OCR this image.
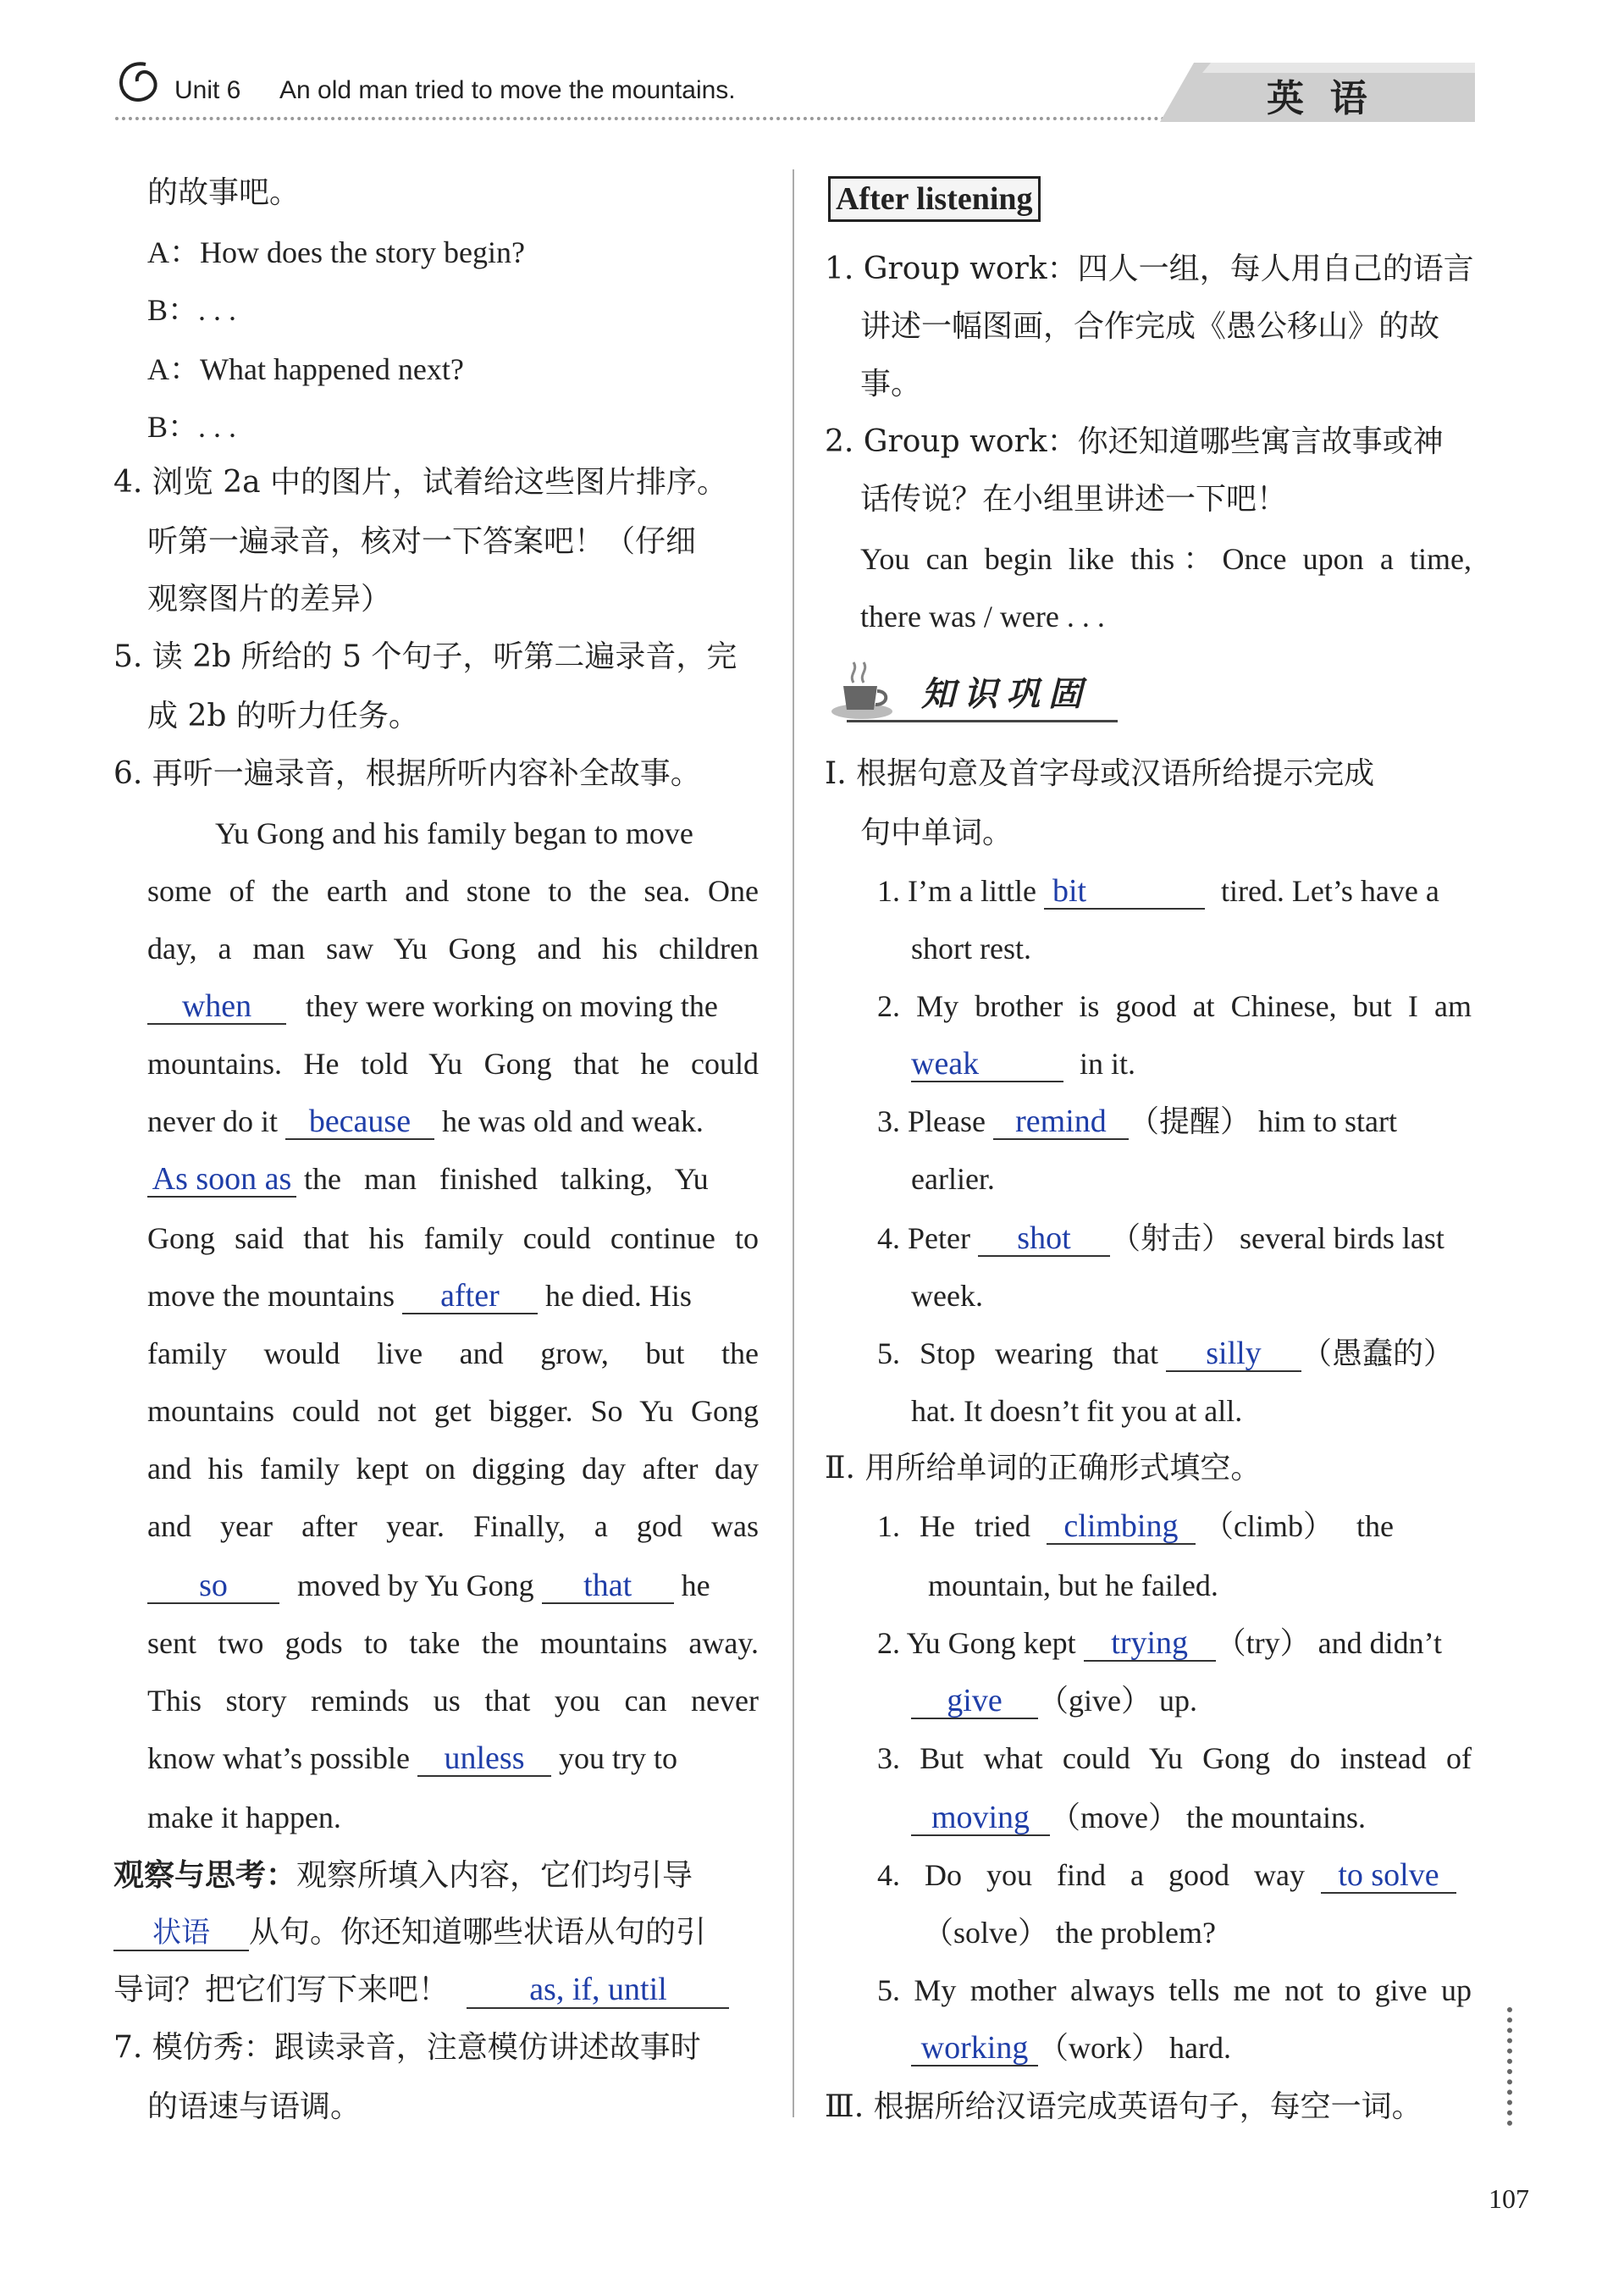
Unit 6 An old man tried to move the mountains.	英  语
的故事吧。
A：How does the story begin?
B：. . .
A：What happened next?
B：. . .
4. 浏览 2a 中的图片，试着给这些图片排序。
听第一遍录音，核对一下答案吧！（仔细
观察图片的差异）
5. 读 2b 所给的 5 个句子，听第二遍录音，完
成 2b 的听力任务。
6. 再听一遍录音，根据所听内容补全故事。
Yu Gong and his family began to move
some of the earth and stone to the sea. One
day, a man saw Yu Gong and his children
when they were working on moving the
mountains. He told Yu Gong that he could
never do it because he was old and weak.
As soon as the man finished talking, Yu
Gong said that his family could continue to
move the mountains after he died. His
family would live and grow, but the
mountains could not get bigger. So Yu Gong
and his family kept on digging day after day
and year after year. Finally, a god was
so moved by Yu Gong that he
sent two gods to take the mountains away.
This story reminds us that you can never
know what’s possible unless you try to
make it happen.
观察与思考：观察所填入内容，它们均引导
状语 从句。你还知道哪些状语从句的引
导词？把它们写下来吧！	as, if, until
7. 模仿秀：跟读录音，注意模仿讲述故事时
的语速与语调。
After listening
1. Group work：四人一组，每人用自己的语言
讲述一幅图画，合作完成《愚公移山》的故
事。
2. Group work：你还知道哪些寓言故事或神
话传说？在小组里讲述一下吧！
You can begin like this：Once upon a time,
there was / were . . .
知识巩固
Ⅰ. 根据句意及首字母或汉语所给提示完成
句中单词。
1. I’m a little bit	tired. Let’s have a
short rest.
2. My brother is good at Chinese, but I am
weak	in it.
3. Please remind （提醒） him to start
earlier.
4. Peter shot （射击） several birds last
week.
5. Stop wearing that silly （愚蠢的）
hat. It doesn’t fit you at all.
Ⅱ. 用所给单词的正确形式填空。
1. He tried climbing （climb） the
mountain, but he failed.
2. Yu Gong kept trying （try） and didn’t
give （give） up.
3. But what could Yu Gong do instead of
moving （move） the mountains.
4. Do you find a good way to solve
（solve） the problem?
5. My mother always tells me not to give up
working （work） hard.
Ⅲ. 根据所给汉语完成英语句子，每空一词。
107
